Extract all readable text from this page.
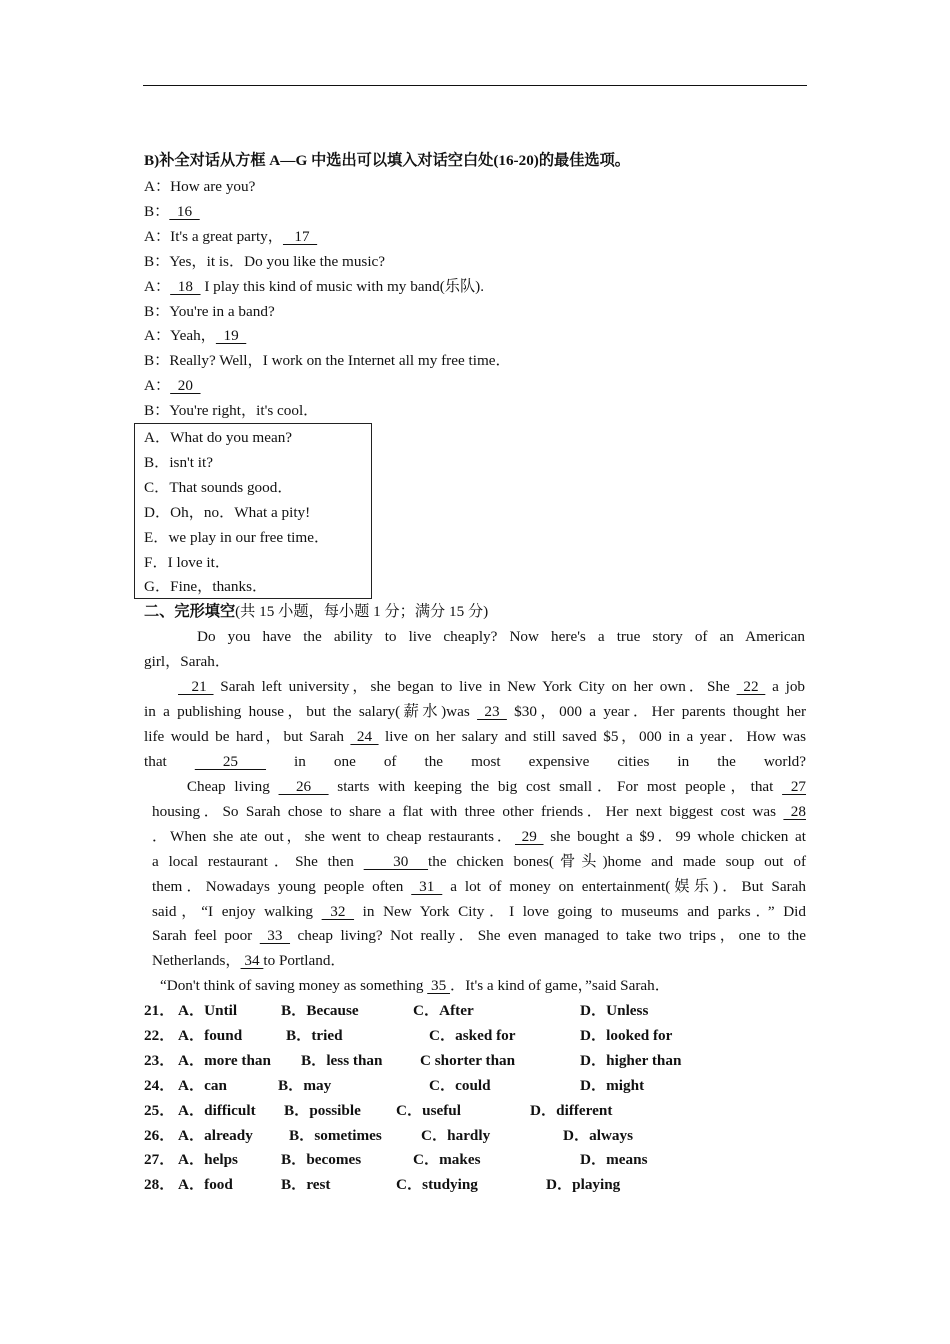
B)补全对话从方框 A—G 中选出可以填入对话空白处(16-20)的最佳选项。
A：How are you?
B：  16
A：It's a great party，   17
B：Yes，it is．Do you like the music?
A：  18   I play this kind of music with my band(乐队).
B：You're in a band?
A：Yeah，  19
B：Really? Well，I work on the Internet all my free time．
A：  20
B：You're right，it's cool．
A．What do you mean?
B．isn't it?
C．That sounds good．
D．Oh，no．What a pity!
E．we play in our free time．
F．I love it．
G．Fine，thanks．
二、完形填空(共 15 小题，每小题 1 分；满分 15 分)
Do you have the ability to live cheaply? Now here's a true story of an American
girl，Sarah．
21  Sarah left university，she began to live in New York City on her own．She  22  a job
in a publishing house，but the salary(薪水)was  23  $30，000 a year．Her parents thought her
life would be hard，but Sarah  24  live on her salary and still saved $5，000 in a year．How was
that  25  in one of the most expensive cities in the world?
Cheap living   26   starts with keeping the big cost small．For most people，that  27
housing．So Sarah chose to share a flat with three other friends．Her next biggest cost was  28
．When she ate out，she went to cheap restaurants． 29  she bought a $9．99 whole chicken at
a local restaurant．She then    30  the chicken bones(骨头)home and made soup out of
them．Nowadays young people often  31  a lot of money on entertainment(娱乐)．But Sarah
said，“I enjoy walking  32  in New York City．I love going to museums and parks．” Did
Sarah feel poor  33  cheap living? Not really．She even managed to take two trips，one to the
Netherlands， 34 to Portland．
“Don't think of saving money as something  35 ．It's a kind of game，”said Sarah．
21． A．Until	B．Because	C．After	D．Unless
22． A．found	B．tried	C．asked for	D．looked for
23． A．more than B．less than C shorter than	D．higher than
24． A．can	B．may	C．could	D．might
25． A．difficult B．possible C．useful	D．different
26． A．already B．sometimes	C．hardly	D．always
27． A．helps	B．becomes	C．makes	D．means
28． A．food	B．rest	C．studying	D．playing
